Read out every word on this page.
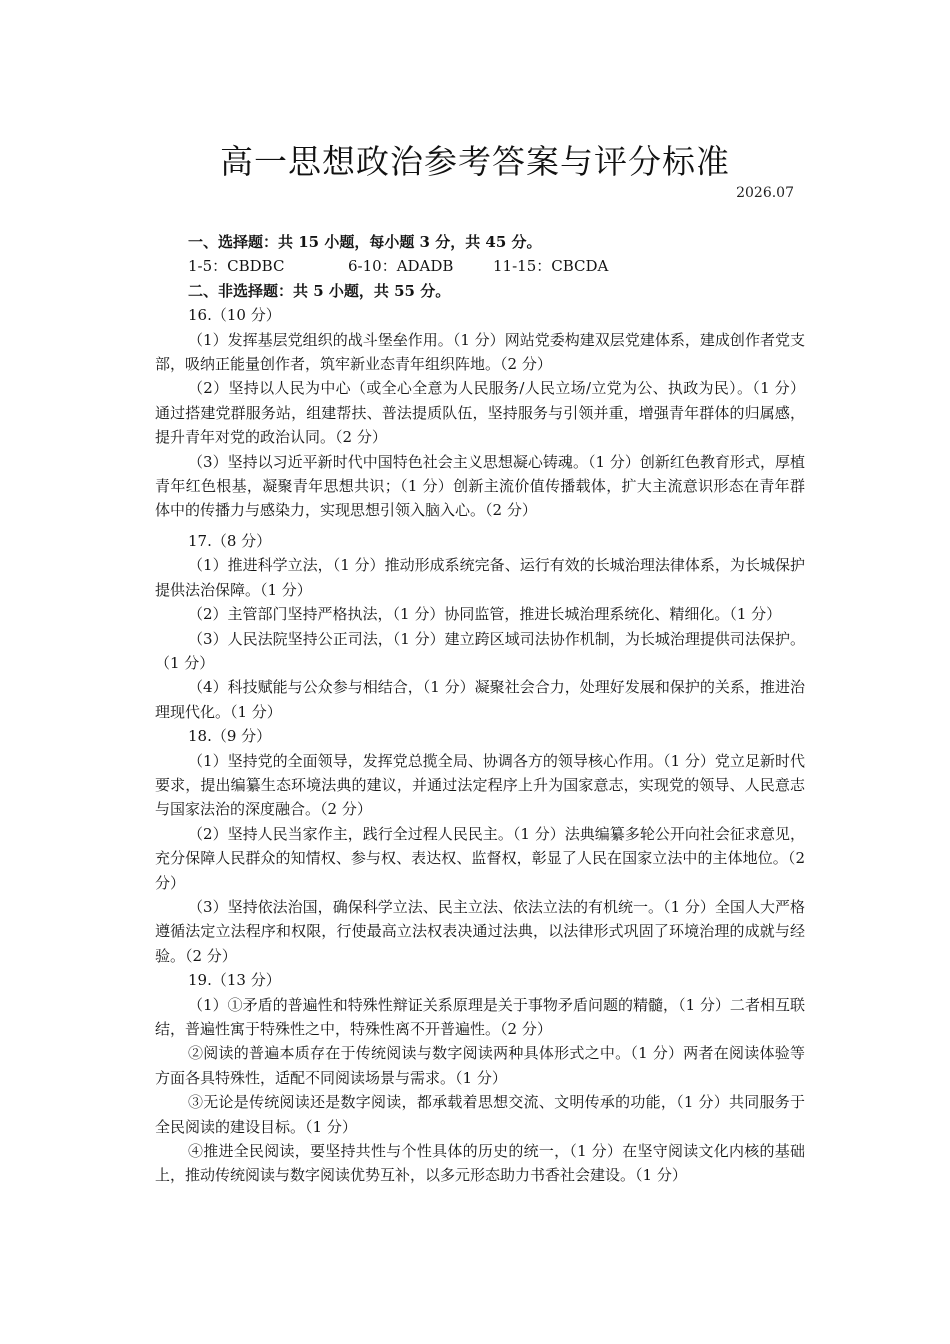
高一思想政治参考答案与评分标准
2026.07

一、选择题：共 15 小题，每小题 3 分，共 45 分。

1-5：CBDBC	6-10：ADADB	11-15：CBCDA

二、非选择题：共 5 小题，共 55 分。

16.（10 分）

（1）发挥基层党组织的战斗堡垒作用。（1 分）网站党委构建双层党建体系，建成创作者党支部，吸纳正能量创作者，筑牢新业态青年组织阵地。（2 分）

（2）坚持以人民为中心（或全心全意为人民服务/人民立场/立党为公、执政为民）。（1 分）通过搭建党群服务站，组建帮扶、普法提质队伍，坚持服务与引领并重，增强青年群体的归属感，提升青年对党的政治认同。（2 分）

（3）坚持以习近平新时代中国特色社会主义思想凝心铸魂。（1 分）创新红色教育形式，厚植青年红色根基，凝聚青年思想共识；（1 分）创新主流价值传播载体，扩大主流意识形态在青年群体中的传播力与感染力，实现思想引领入脑入心。（2 分）

17.（8 分）

（1）推进科学立法，（1 分）推动形成系统完备、运行有效的长城治理法律体系，为长城保护提供法治保障。（1 分）

（2）主管部门坚持严格执法，（1 分）协同监管，推进长城治理系统化、精细化。（1 分）

（3）人民法院坚持公正司法，（1 分）建立跨区域司法协作机制，为长城治理提供司法保护。（1 分）

（4）科技赋能与公众参与相结合，（1 分）凝聚社会合力，处理好发展和保护的关系，推进治理现代化。（1 分）

18.（9 分）

（1）坚持党的全面领导，发挥党总揽全局、协调各方的领导核心作用。（1 分）党立足新时代要求，提出编纂生态环境法典的建议，并通过法定程序上升为国家意志，实现党的领导、人民意志与国家法治的深度融合。（2 分）

（2）坚持人民当家作主，践行全过程人民民主。（1 分）法典编纂多轮公开向社会征求意见，充分保障人民群众的知情权、参与权、表达权、监督权，彰显了人民在国家立法中的主体地位。（2 分）

（3）坚持依法治国，确保科学立法、民主立法、依法立法的有机统一。（1 分）全国人大严格遵循法定立法程序和权限，行使最高立法权表决通过法典，以法律形式巩固了环境治理的成就与经验。（2 分）

19.（13 分）

（1）①矛盾的普遍性和特殊性辩证关系原理是关于事物矛盾问题的精髓，（1 分）二者相互联结，普遍性寓于特殊性之中，特殊性离不开普遍性。（2 分）

②阅读的普遍本质存在于传统阅读与数字阅读两种具体形式之中。（1 分）两者在阅读体验等方面各具特殊性，适配不同阅读场景与需求。（1 分）

③无论是传统阅读还是数字阅读，都承载着思想交流、文明传承的功能，（1 分）共同服务于全民阅读的建设目标。（1 分）

④推进全民阅读，要坚持共性与个性具体的历史的统一，（1 分）在坚守阅读文化内核的基础上，推动传统阅读与数字阅读优势互补，以多元形态助力书香社会建设。（1 分）
